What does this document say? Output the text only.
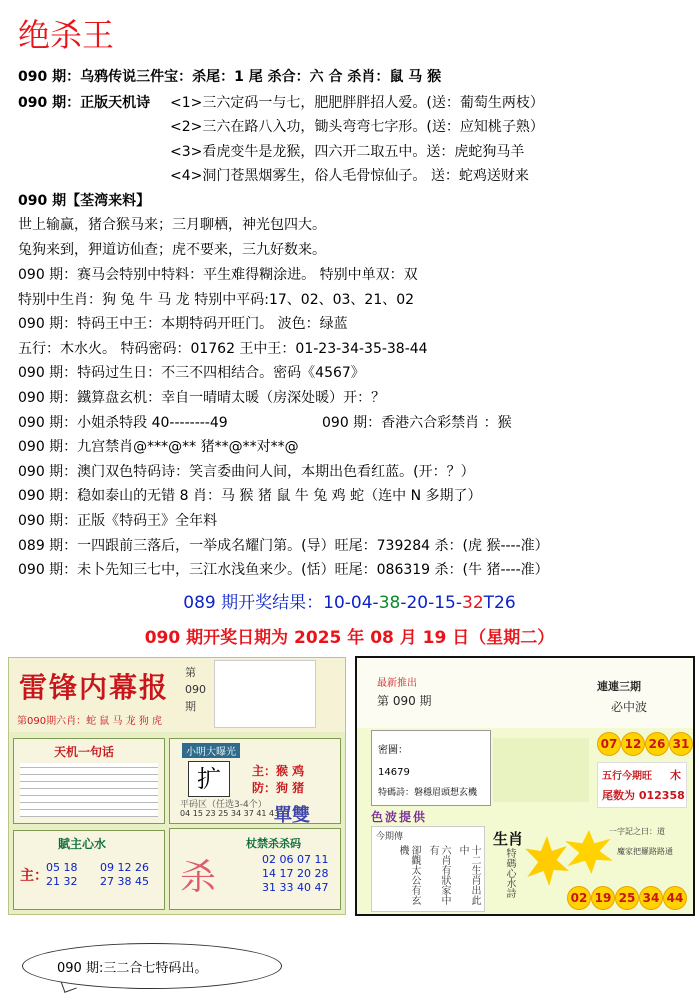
绝杀王
090 期：乌鸦传说三件宝：杀尾：1 尾 杀合：六 合 杀肖：鼠 马 猴
090 期：正版天机诗 <1>三六定码一与七，肥肥胖胖招人爱。(送：葡萄生两枝）
<2>三六在路八入功，锄头弯弯七字形。(送：应知桃子熟）
<3>看虎变牛是龙猴，四六开二取五中。送：虎蛇狗马羊
<4>洞门苍黑烟雾生，俗人毛骨惊仙子。 送：蛇鸡送财来
090 期【荃湾来料】
世上输赢，猪合猴马来；三月聊栖，神光包四大。
兔狗来到，狎道访仙查；虎不要来，三九好数来。
090 期：赛马会特别中特料：平生难得糊涂进。 特别中单双：双
特别中生肖：狗 兔 牛 马 龙 特别中平码:17、02、03、21、02
090 期：特码王中王：本期特码开旺门。 波色：绿蓝
五行：木水火。 特码密码：01762 王中王：01-23-34-35-38-44
090 期：特码过生日：不三不四相结合。密码《4567》
090 期：鐵算盘玄机：幸自一晴晴太暖（房深处暖）开：？
090 期：小姐杀特段 40--------49	090 期：香港六合彩禁肖 ：猴
090 期：九宫禁肖@***@** 猪**@**对**@
090 期：澳门双色特码诗：笑言委曲问人间，本期出色看红蓝。(开：？）
090 期：稳如泰山的无错 8 肖：马 猴 猪 鼠 牛 兔 鸡 蛇（连中 N 多期了）
090 期：正版《特码王》全年料
089 期：一四跟前三落后，一举成名耀门第。(导）旺尾：739284 杀：(虎 猴----准）
090 期：未卜先知三七中，三江水浅鱼来少。(恬）旺尾：086319 杀：(牛 猪----准）
089 期开奖结果：10-04-38-20-15-32T26
090 期开奖日期为 2025 年 08 月 19 日（星期二）
雷锋内幕报
第090期六肖：蛇 鼠 马 龙 狗 虎
第 090 期
天机一句话
賦主心水
主：
05 18
21 32
09 12 26
27 38 45
小明大曝光
扩	主：猴 鸡
防：狗 猪
平码区（任选3-4个）
04 15 23 25 34 37 41 43
單雙
杖禁杀杀码
杀	02 06 07 11
14 17 20 28
31 33 40 47
最新推出
第 090 期
連連三期
必中波
密圖：
14679
特碼詩：磐穩眉頭想玄機
07 12 26 31
五行今期旺 木
尾数为 012358
色波提供
今期傳
十二生肖出此中
六肖有狀家中有
卻觀太公有玄機
生肖
特碼心水詩
一字記之曰：道
魔家把羅路路通
02 19 25 34 44
090 期:三二合七特码出。
